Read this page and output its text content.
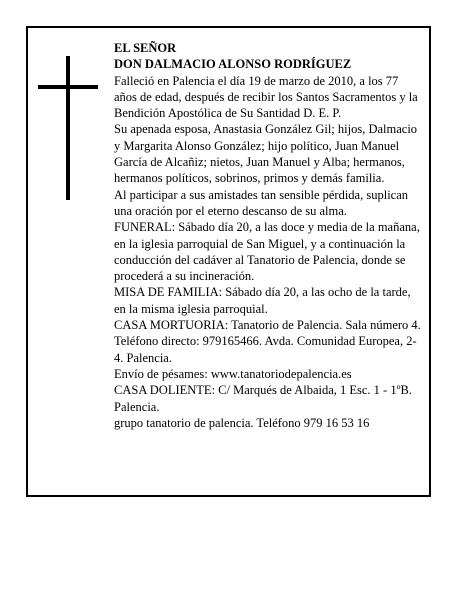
EL SEÑOR

DON DALMACIO ALONSO RODRÍGUEZ

Falleció en Palencia el día 19 de marzo de 2010, a los 77 años de edad, después de recibir los Santos Sacramentos y la Bendición Apostólica de Su Santidad D. E. P.

Su apenada esposa, Anastasia González Gil; hijos, Dalmacio y Margarita Alonso González; hijo político, Juan Manuel García de Alcañiz; nietos, Juan Manuel y Alba; hermanos, hermanos políticos, sobrinos, primos y demás familia.

Al participar a sus amistades tan sensible pérdida, suplican una oración por el eterno descanso de su alma.

FUNERAL: Sábado día 20, a las doce y media de la mañana, en la iglesia parroquial de San Miguel, y a continuación la conducción del cadáver al Tanatorio de Palencia, donde se procederá a su incineración.

MISA DE FAMILIA: Sábado día 20, a las ocho de la tarde, en la misma iglesia parroquial.

CASA MORTUORIA: Tanatorio de Palencia. Sala número 4. Teléfono directo: 979165466. Avda. Comunidad Europea, 2-4. Palencia.

Envío de pésames: www.tanatoriodepalencia.es

CASA DOLIENTE: C/ Marqués de Albaida, 1 Esc. 1 - 1ºB. Palencia.

grupo tanatorio de palencia. Teléfono 979 16 53 16
